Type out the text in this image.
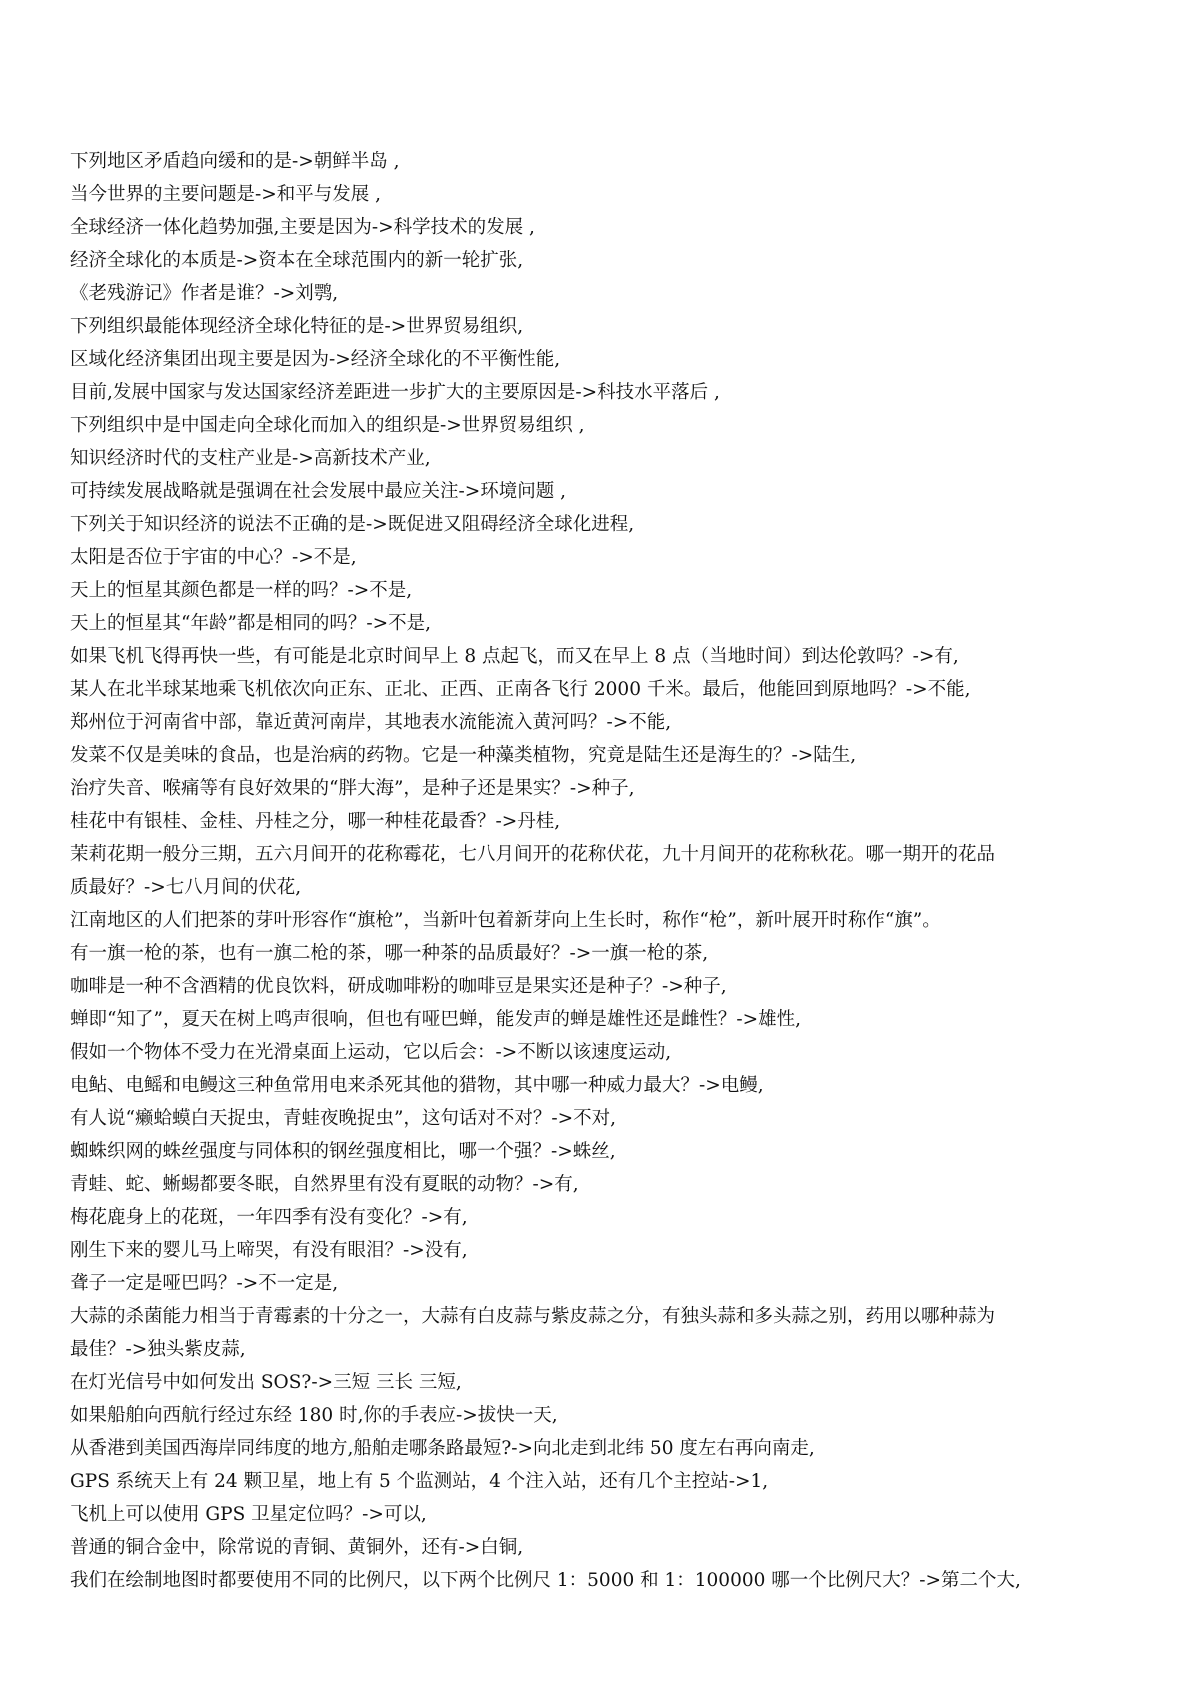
下列地区矛盾趋向缓和的是->朝鲜半岛 ,
当今世界的主要问题是->和平与发展 ,
全球经济一体化趋势加强,主要是因为->科学技术的发展 ,
经济全球化的本质是->资本在全球范围内的新一轮扩张,
《老残游记》作者是谁？->刘鹗,
下列组织最能体现经济全球化特征的是->世界贸易组织,
区域化经济集团出现主要是因为->经济全球化的不平衡性能,
目前,发展中国家与发达国家经济差距进一步扩大的主要原因是->科技水平落后 ,
下列组织中是中国走向全球化而加入的组织是->世界贸易组织 ,
知识经济时代的支柱产业是->高新技术产业,
可持续发展战略就是强调在社会发展中最应关注->环境问题 ,
下列关于知识经济的说法不正确的是->既促进又阻碍经济全球化进程,
太阳是否位于宇宙的中心？->不是,
天上的恒星其颜色都是一样的吗？->不是,
天上的恒星其“年龄”都是相同的吗？->不是,
如果飞机飞得再快一些，有可能是北京时间早上 8 点起飞，而又在早上 8 点（当地时间）到达伦敦吗？->有,
某人在北半球某地乘飞机依次向正东、正北、正西、正南各飞行 2000 千米。最后，他能回到原地吗？->不能,
郑州位于河南省中部，靠近黄河南岸，其地表水流能流入黄河吗？->不能,
发菜不仅是美味的食品，也是治病的药物。它是一种藻类植物，究竟是陆生还是海生的？->陆生,
治疗失音、喉痛等有良好效果的“胖大海”，是种子还是果实？->种子,
桂花中有银桂、金桂、丹桂之分，哪一种桂花最香？->丹桂,
茉莉花期一般分三期，五六月间开的花称霉花，七八月间开的花称伏花，九十月间开的花称秋花。哪一期开的花品
质最好？->七八月间的伏花,
江南地区的人们把茶的芽叶形容作“旗枪”，当新叶包着新芽向上生长时，称作“枪”，新叶展开时称作“旗”。
有一旗一枪的茶，也有一旗二枪的茶，哪一种茶的品质最好？->一旗一枪的茶,
咖啡是一种不含酒精的优良饮料，研成咖啡粉的咖啡豆是果实还是种子？->种子,
蝉即“知了”，夏天在树上鸣声很响，但也有哑巴蝉，能发声的蝉是雄性还是雌性？->雄性,
假如一个物体不受力在光滑桌面上运动，它以后会：->不断以该速度运动,
电鲇、电鳐和电鳗这三种鱼常用电来杀死其他的猎物，其中哪一种威力最大？->电鳗,
有人说“癞蛤蟆白天捉虫，青蛙夜晚捉虫”，这句话对不对？->不对,
蜘蛛织网的蛛丝强度与同体积的钢丝强度相比，哪一个强？->蛛丝,
青蛙、蛇、蜥蜴都要冬眠，自然界里有没有夏眠的动物？->有,
梅花鹿身上的花斑，一年四季有没有变化？->有,
刚生下来的婴儿马上啼哭，有没有眼泪？->没有,
聋子一定是哑巴吗？->不一定是,
大蒜的杀菌能力相当于青霉素的十分之一，大蒜有白皮蒜与紫皮蒜之分，有独头蒜和多头蒜之别，药用以哪种蒜为
最佳？->独头紫皮蒜,
在灯光信号中如何发出 SOS?->三短 三长 三短,
如果船舶向西航行经过东经 180 时,你的手表应->拔快一天,
从香港到美国西海岸同纬度的地方,船舶走哪条路最短?->向北走到北纬 50 度左右再向南走,
GPS 系统天上有 24 颗卫星，地上有 5 个监测站，4 个注入站，还有几个主控站->1,
飞机上可以使用 GPS 卫星定位吗？->可以,
普通的铜合金中，除常说的青铜、黄铜外，还有->白铜,
我们在绘制地图时都要使用不同的比例尺，以下两个比例尺 1：5000 和 1：100000 哪一个比例尺大？->第二个大,
